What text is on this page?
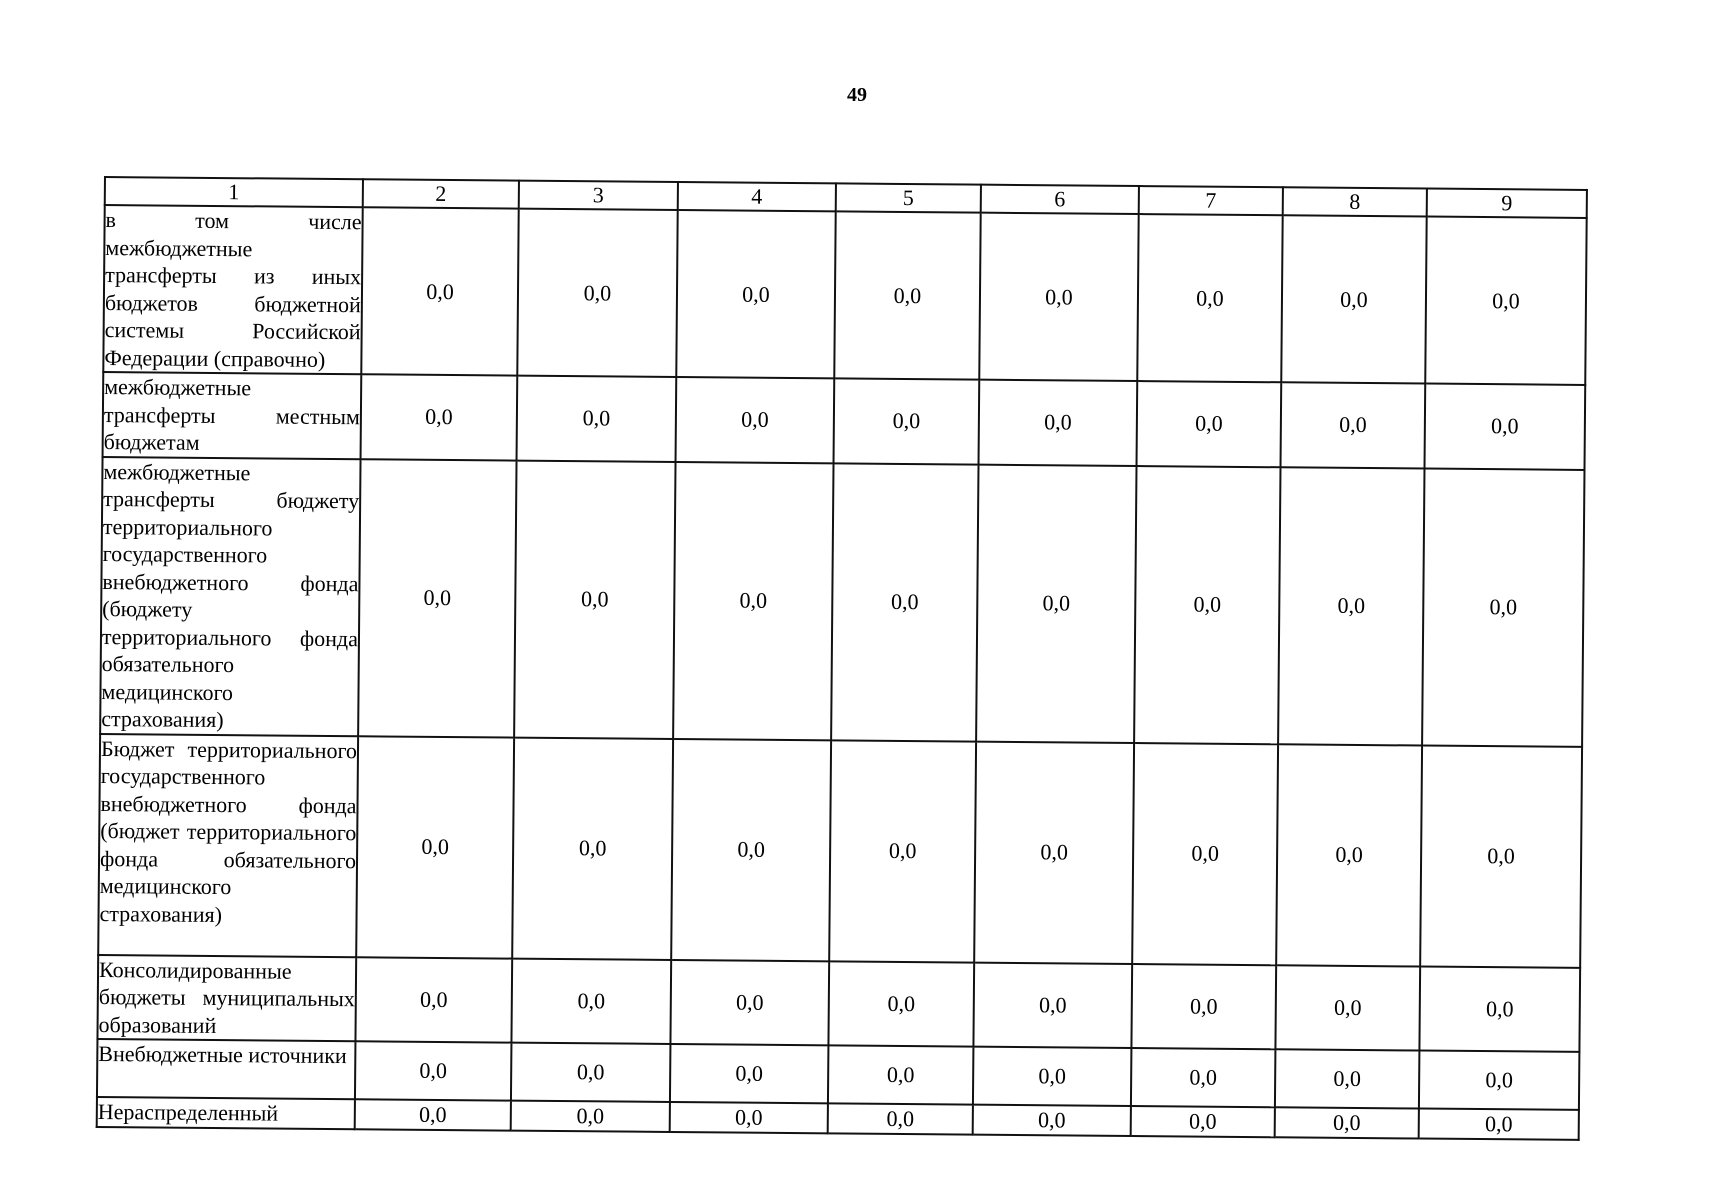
49
1	2	3	4	5	6	7	8	9
в том числе межбюджетные трансферты из иных бюджетов бюджетной системы Российской Федерации (справочно)	0,0	0,0	0,0	0,0	0,0	0,0	0,0	0,0
межбюджетные трансферты местным бюджетам	0,0	0,0	0,0	0,0	0,0	0,0	0,0	0,0
межбюджетные трансферты бюджету территориального государственного внебюджетного фонда (бюджету территориального фонда обязательного медицинского страхования)	0,0	0,0	0,0	0,0	0,0	0,0	0,0	0,0
Бюджет территориального государственного внебюджетного фонда (бюджет территориального фонда обязательного медицинского страхования)	0,0	0,0	0,0	0,0	0,0	0,0	0,0	0,0
Консолидированные бюджеты муниципальных образований	0,0	0,0	0,0	0,0	0,0	0,0	0,0	0,0
Внебюджетные источники	0,0	0,0	0,0	0,0	0,0	0,0	0,0	0,0
Нераспределенный	0,0	0,0	0,0	0,0	0,0	0,0	0,0	0,0
